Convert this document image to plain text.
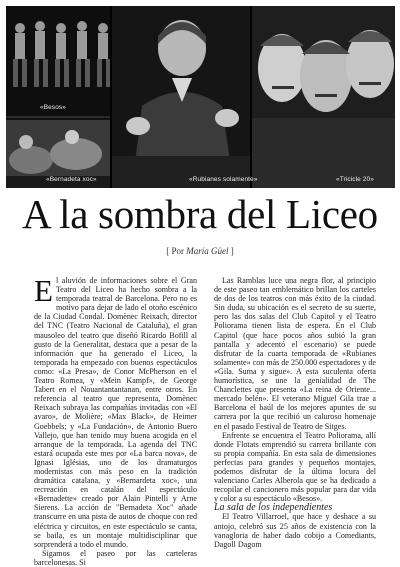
«Besos»
«Bernadeta xoc»	«Rubianes solamente»	«Tricicle 20»
A la sombra del Liceo
[ Por María Güel ]

El aluvión de informaciones sobre el Gran Teatro del Liceo ha hecho sombra a la temporada teatral de Barcelona. Pero no es motivo para dejar de lado el otoño escénico de la Ciudad Condal. Domènec Reixach, director del TNC (Teatro Nacional de Cataluña), el gran mausoleo del teatro que diseñó Ricardo Bofill al gusto de la Generalitat, destaca que a pesar de la información que ha generado el Liceo, la temporada ha empezado con buenos espectáculos como: «La Presa», de Conor McPherson en el Teatro Romea, y «Mein Kampf», de George Tabert en el Nouantantantanan, entre otros. En referencia al teatro que representa, Domènec Reixach subraya las compañías invitadas con «El avaro», de Molière; «Max Black», de Heimer Goebbels; y «La Fundación», de Antonio Buero Vallejo, que han tenido muy buena acogida en el arranque de la temporada. La agenda del TNC estará ocupada este mes por «La barca nova», de Ignasi Iglésias, uno de los dramaturgos modernistas con más peso en la tradición dramática catalana, y «Bernardeta xoc», una recreación en catalán del espectáculo «Bernadette» creado por Alain Pintelli y Arne Sierens. La acción de "Bernadeta Xoc" añade transcurre en una pista de autos de choque con red eléctrica y circuitos, en este espectáculo se canta, se baila, es un montaje multidisciplinar que sorprenderá a todo el mundo.

Sigamos el paseo por las carteleras barcelonesas. Si

Las Ramblas luce una negra flor, al principio de este paseo tan emblemático brillan los carteles de dos de los teatros con más éxito de la ciudad. Sin duda, su ubicación es el secreto de su suerte, pero las dos salas del Club Capitol y el Teatro Poliorama tienen lista de espera. En el Club Capitol (que hace pocos años subió la gran pantalla y adecentó el escenario) se puede disfrutar de la cuarta temporada de «Rubianes solamente» con más de 250.000 espectadores y de «Gila. Suma y sigue». A esta suculenta oferta humorística, se une la genialidad de The Chanclettes que presenta «La reina de Oriente... mercado belén». El veterano Miguel Gila trae a Barcelona el baúl de los mejores apuntes de su carrera por la que recibió un caluroso homenaje en el pasado Festival de Teatro de Sitges.

Enfrente se encuentra el Teatro Poliorama, allí donde Flotats emprendió su carrera brillante con su propia compañía. En esta sala de dimensiones perfectas para grandes y pequeños montajes, podemos disfrutar de la última locura del valenciano Carles Alberola que se ha dedicado a recopilar el cancionero más popular para dar vida y color a su espectáculo «Besos».

La sala de los independientes

El Teatro Villarroel, que hace y deshace a su antojo, celebró sus 25 años de existencia con la vanagloria de haber dado cobijo a Comediants, Dagoll Dagom
